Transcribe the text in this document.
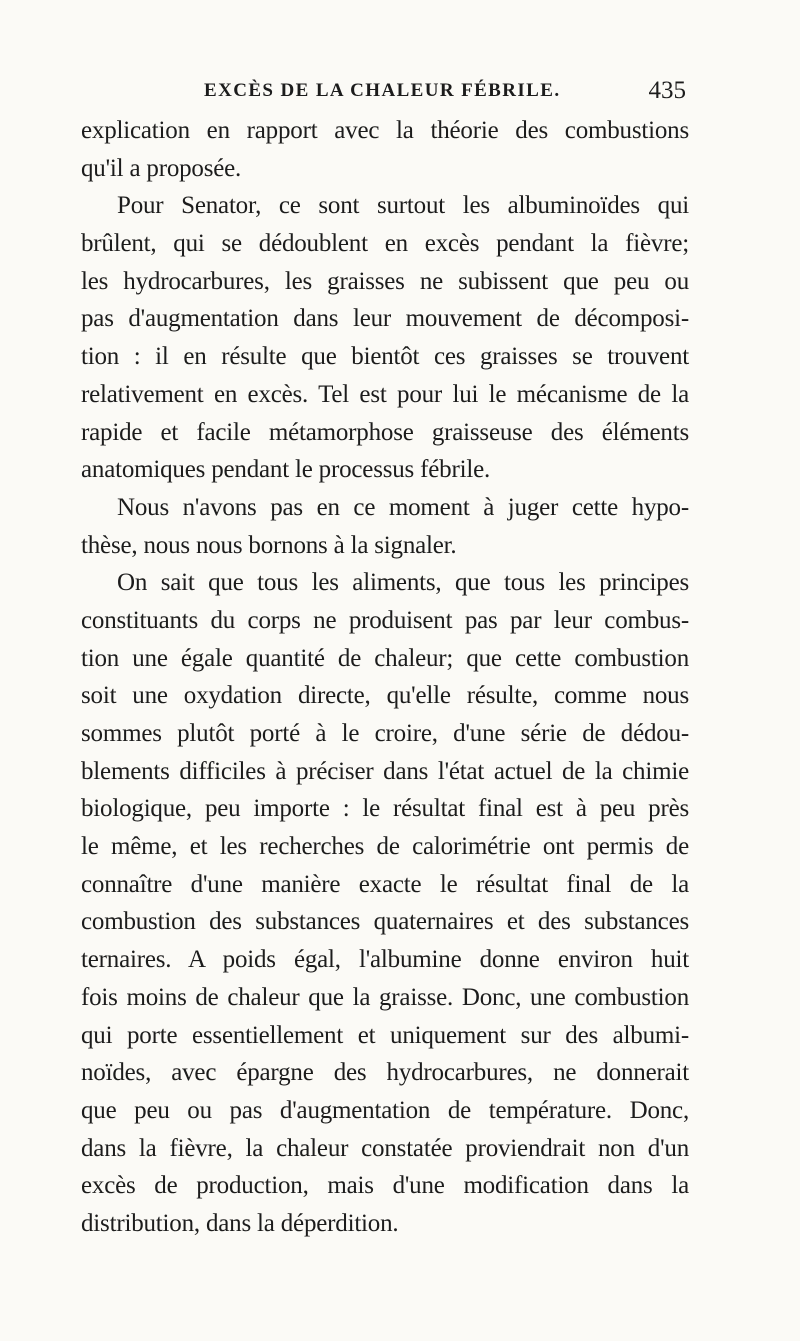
EXCÈS DE LA CHALEUR FÉBRILE.	435
explication en rapport avec la théorie des combustions
qu'il a proposée.
Pour Senator, ce sont surtout les albuminoïdes qui
brûlent, qui se dédoublent en excès pendant la fièvre;
les hydrocarbures, les graisses ne subissent que peu ou
pas d'augmentation dans leur mouvement de décomposi-
tion : il en résulte que bientôt ces graisses se trouvent
relativement en excès. Tel est pour lui le mécanisme de la
rapide et facile métamorphose graisseuse des éléments
anatomiques pendant le processus fébrile.
Nous n'avons pas en ce moment à juger cette hypo-
thèse, nous nous bornons à la signaler.
On sait que tous les aliments, que tous les principes
constituants du corps ne produisent pas par leur combus-
tion une égale quantité de chaleur; que cette combustion
soit une oxydation directe, qu'elle résulte, comme nous
sommes plutôt porté à le croire, d'une série de dédou-
blements difficiles à préciser dans l'état actuel de la chimie
biologique, peu importe : le résultat final est à peu près
le même, et les recherches de calorimétrie ont permis de
connaître d'une manière exacte le résultat final de la
combustion des substances quaternaires et des substances
ternaires. A poids égal, l'albumine donne environ huit
fois moins de chaleur que la graisse. Donc, une combustion
qui porte essentiellement et uniquement sur des albumi-
noïdes, avec épargne des hydrocarbures, ne donnerait
que peu ou pas d'augmentation de température. Donc,
dans la fièvre, la chaleur constatée proviendrait non d'un
excès de production, mais d'une modification dans la
distribution, dans la déperdition.
